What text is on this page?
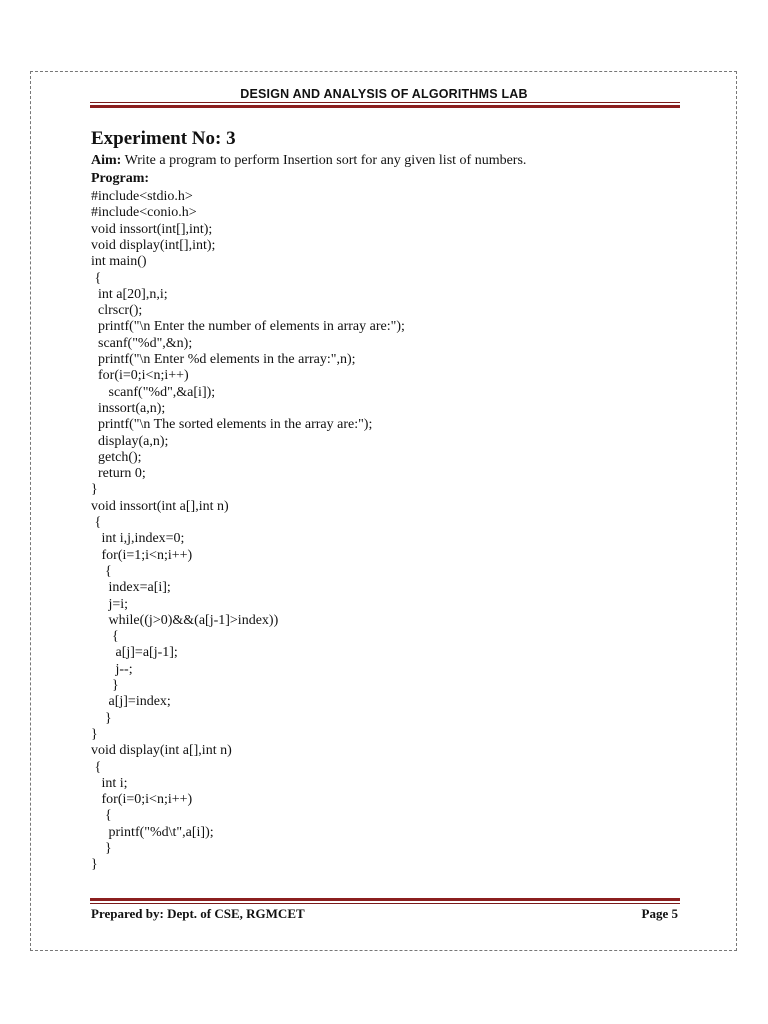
DESIGN AND ANALYSIS OF ALGORITHMS LAB
Experiment No: 3
Aim: Write a program to perform Insertion sort for any given list of numbers.
Program:
#include<stdio.h>
#include<conio.h>
void inssort(int[],int);
void display(int[],int);
int main()
{
int a[20],n,i;
clrscr();
printf("\n Enter the number of elements in array are:");
scanf("%d",&n);
printf("\n Enter %d elements in the array:",n);
for(i=0;i<n;i++)
scanf("%d",&a[i]);
inssort(a,n);
printf("\n The sorted elements in the array are:");
display(a,n);
getch();
return 0;
}
void inssort(int a[],int n)
{
int i,j,index=0;
for(i=1;i<n;i++)
{
index=a[i];
j=i;
while((j>0)&&(a[j-1]>index))
{
a[j]=a[j-1];
j--;
}
a[j]=index;
}
}
void display(int a[],int n)
{
int i;
for(i=0;i<n;i++)
{
printf("%d\t",a[i]);
}
}
Prepared by: Dept. of CSE, RGMCET	Page 5
